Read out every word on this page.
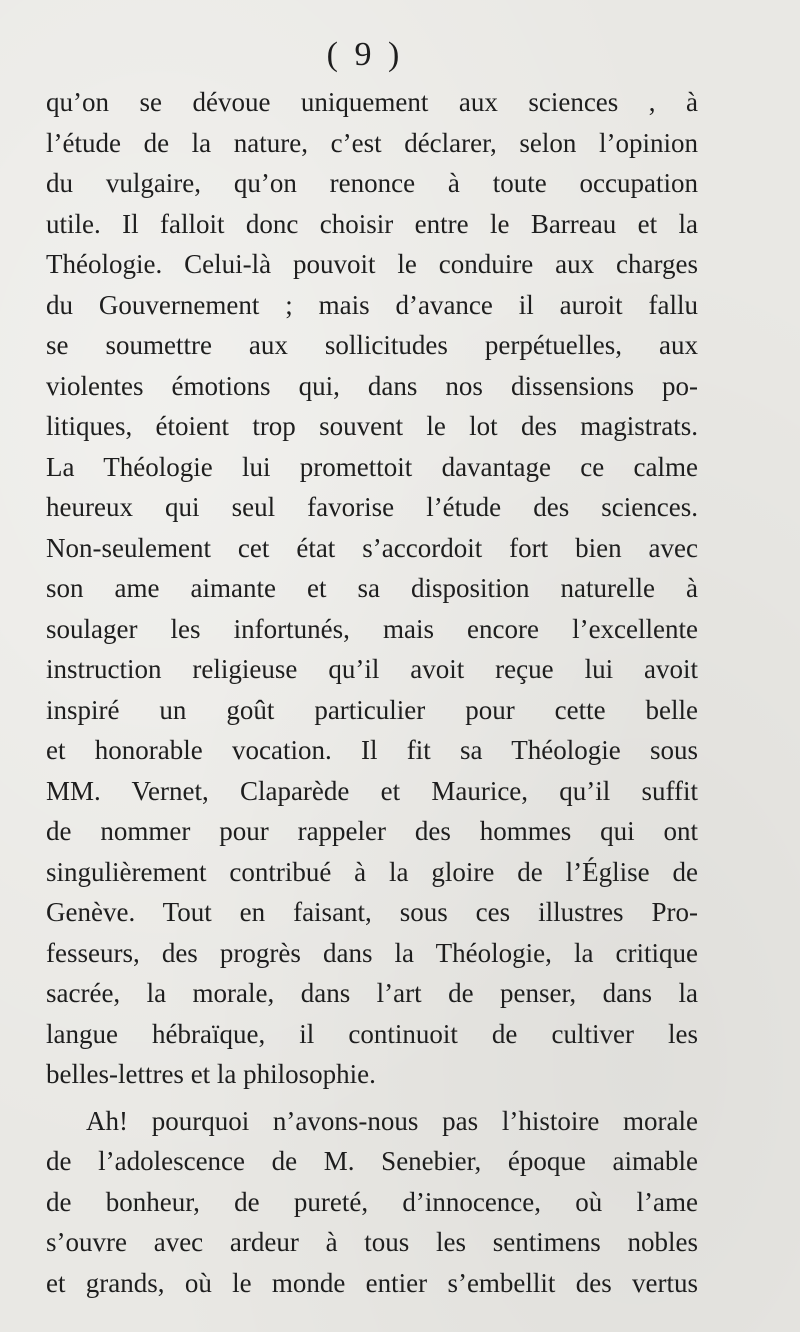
( 9 )
qu’on se dévoue uniquement aux sciences , à
l’étude de la nature, c’est déclarer, selon l’opinion
du vulgaire, qu’on renonce à toute occupation
utile. Il falloit donc choisir entre le Barreau et la
Théologie. Celui-là pouvoit le conduire aux charges
du Gouvernement ; mais d’avance il auroit fallu
se soumettre aux sollicitudes perpétuelles, aux
violentes émotions qui, dans nos dissensions po-
litiques, étoient trop souvent le lot des magistrats.
La Théologie lui promettoit davantage ce calme
heureux qui seul favorise l’étude des sciences.
Non-seulement cet état s’accordoit fort bien avec
son ame aimante et sa disposition naturelle à
soulager les infortunés, mais encore l’excellente
instruction religieuse qu’il avoit reçue lui avoit
inspiré un goût particulier pour cette belle
et honorable vocation. Il fit sa Théologie sous
MM. Vernet, Claparède et Maurice, qu’il suffit
de nommer pour rappeler des hommes qui ont
singulièrement contribué à la gloire de l’Église de
Genève. Tout en faisant, sous ces illustres Pro-
fesseurs, des progrès dans la Théologie, la critique
sacrée, la morale, dans l’art de penser, dans la
langue hébraïque, il continuoit de cultiver les
belles-lettres et la philosophie.
Ah! pourquoi n’avons-nous pas l’histoire morale
de l’adolescence de M. Senebier, époque aimable
de bonheur, de pureté, d’innocence, où l’ame
s’ouvre avec ardeur à tous les sentimens nobles
et grands, où le monde entier s’embellit des vertus
